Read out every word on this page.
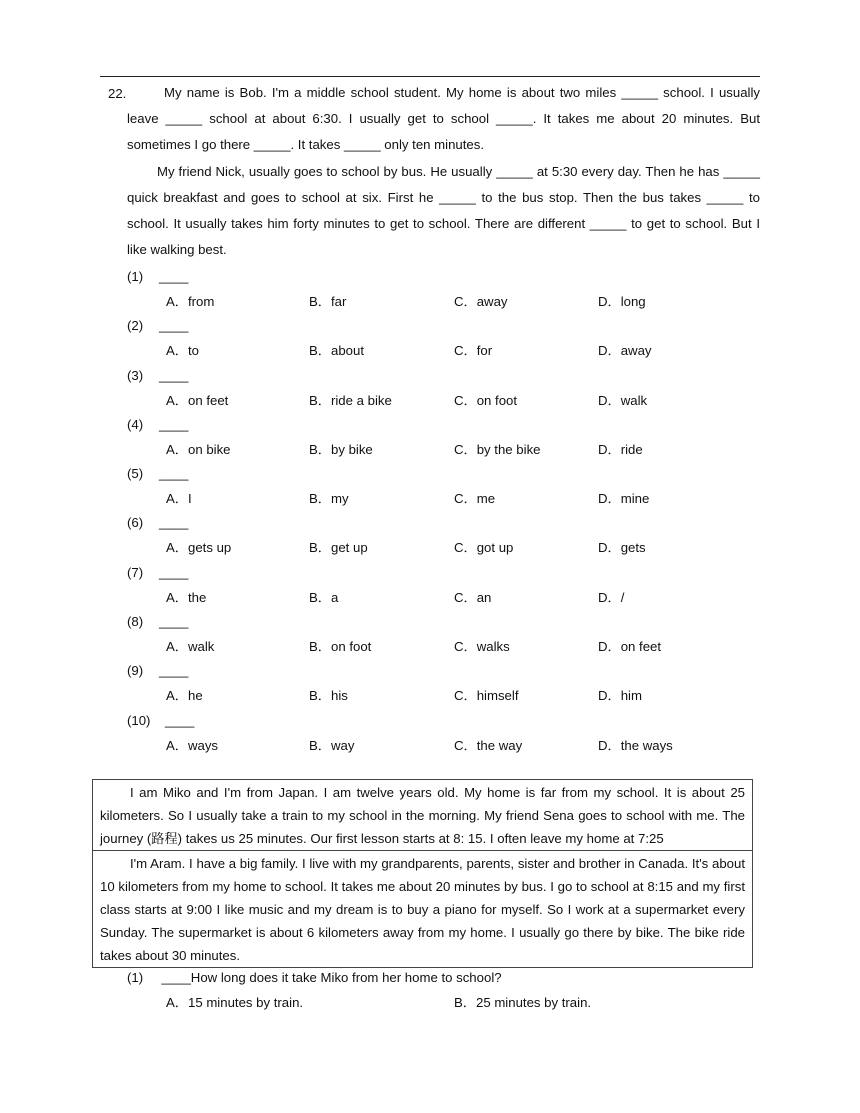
22.	My name is Bob. I'm a middle school student. My home is about two miles _____ school. I usually leave _____ school at about 6:30. I usually get to school _____. It takes me about 20 minutes. But sometimes I go there _____. It takes _____ only ten minutes.

My friend Nick, usually goes to school by bus. He usually _____ at 5:30 every day. Then he has _____ quick breakfast and goes to school at six. First he _____ to the bus stop. Then the bus takes _____ to school. It usually takes him forty minutes to get to school. There are different _____ to get to school. But I like walking best.

(1) ____
A．from	B．far	C．away	D．long
(2) ____
A．to	B．about	C．for	D．away
(3) ____
A．on feet	B．ride a bike	C．on foot	D．walk
(4) ____
A．on bike	B．by bike	C．by the bike	D．ride
(5) ____
A．I	B．my	C．me	D．mine
(6) ____
A．gets up	B．get up	C．got up	D．gets
(7) ____
A．the	B．a	C．an	D．/
(8) ____
A．walk	B．on foot	C．walks	D．on feet
(9) ____
A．he	B．his	C．himself	D．him
(10) ____
A．ways	B．way	C．the way	D．the ways

I am Miko and I'm from Japan. I am twelve years old. My home is far from my school. It is about 25 kilometers. So I usually take a train to my school in the morning. My friend Sena goes to school with me. The journey (路程) takes us 25 minutes. Our first lesson starts at 8: 15. I often leave my home at 7:25

I'm Aram. I have a big family. I live with my grandparents, parents, sister and brother in Canada. It's about 10 kilometers from my home to school. It takes me about 20 minutes by bus. I go to school at 8:15 and my first class starts at 9:00 I like music and my dream is to buy a piano for myself. So I work at a supermarket every Sunday. The supermarket is about 6 kilometers away from my home. I usually go there by bike. The bike ride takes about 30 minutes.

(1) ____How long does it take Miko from her home to school?
A．15 minutes by train.	B．25 minutes by train.
